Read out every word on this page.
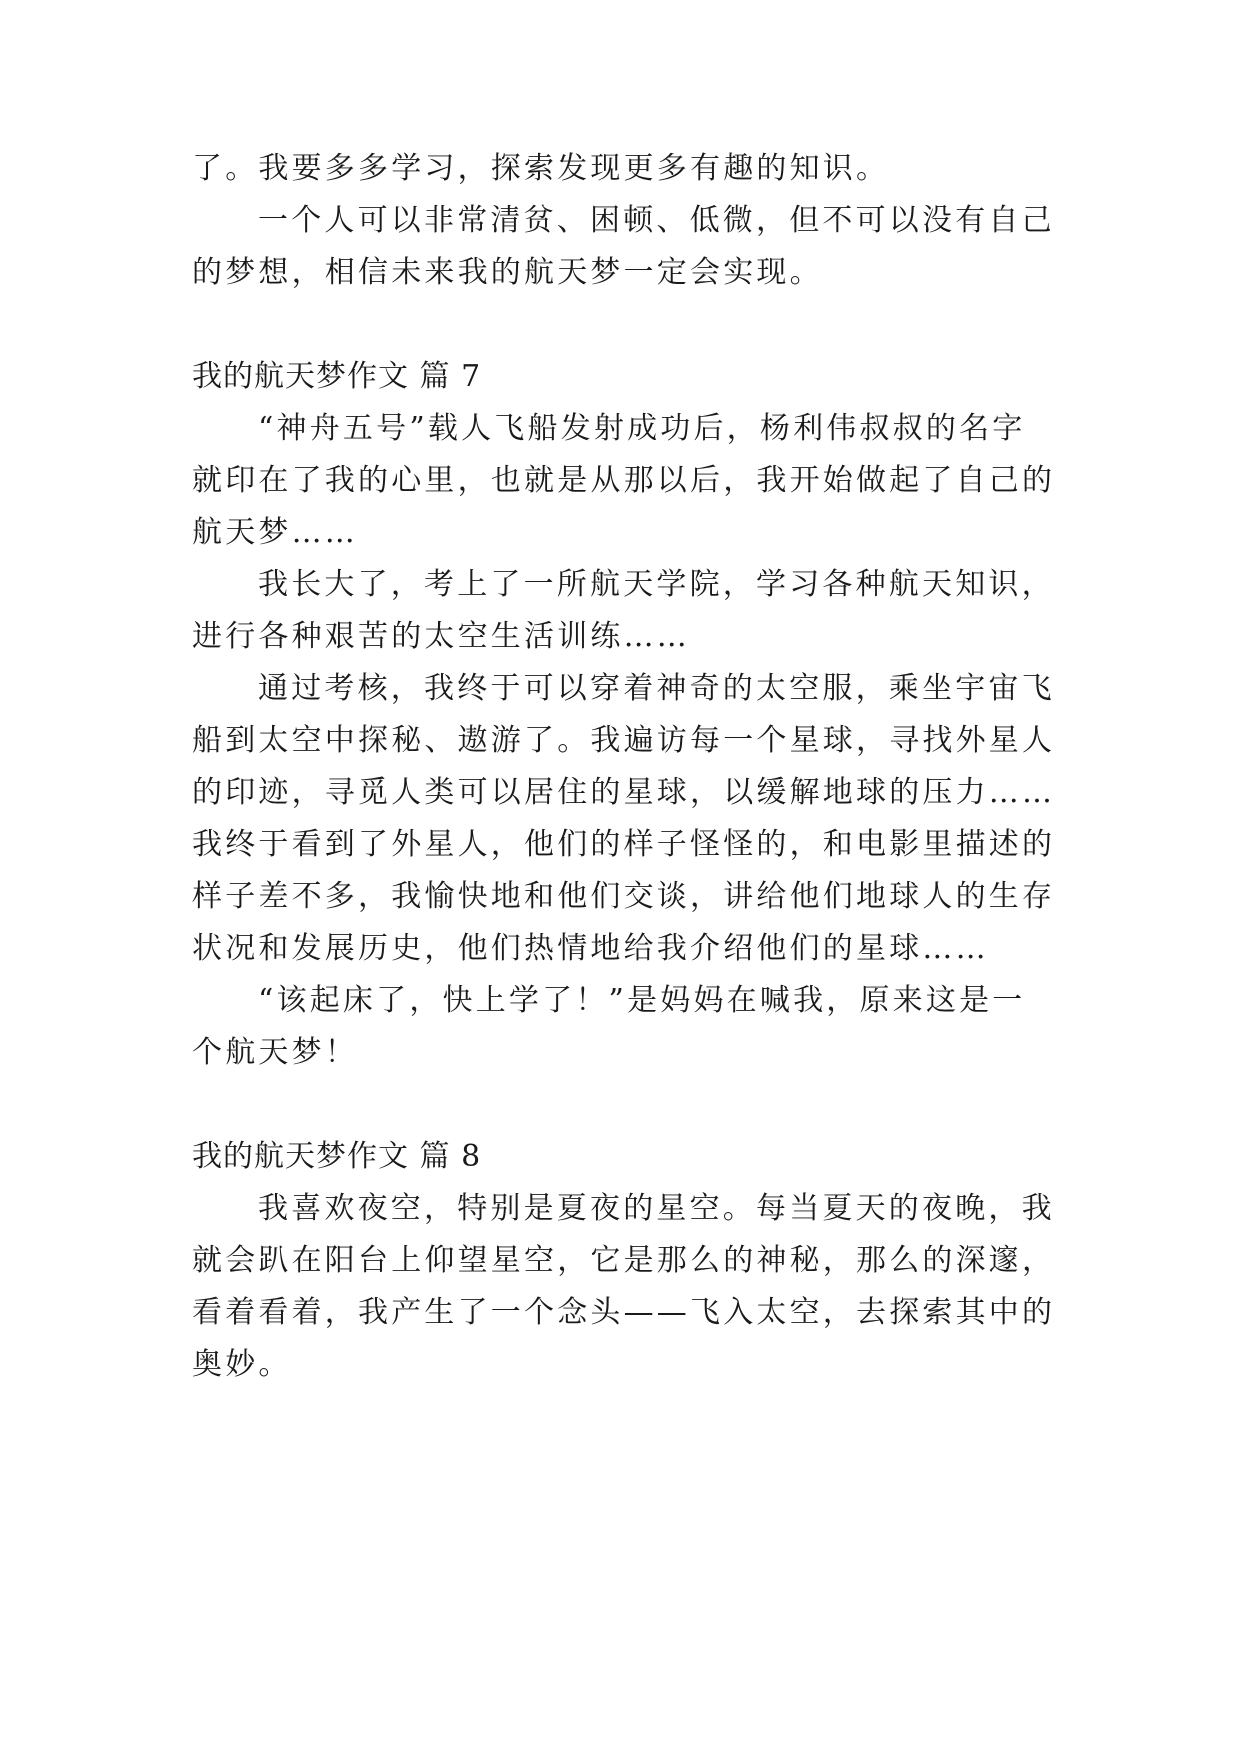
了。我要多多学习，探索发现更多有趣的知识。
一个人可以非常清贫、困顿、低微，但不可以没有自己
的梦想，相信未来我的航天梦一定会实现。
我的航天梦作文 篇 7
“神舟五号”载人飞船发射成功后，杨利伟叔叔的名字
就印在了我的心里，也就是从那以后，我开始做起了自己的
航天梦……
我长大了，考上了一所航天学院，学习各种航天知识，
进行各种艰苦的太空生活训练……
通过考核，我终于可以穿着神奇的太空服，乘坐宇宙飞
船到太空中探秘、遨游了。我遍访每一个星球，寻找外星人
的印迹，寻觅人类可以居住的星球，以缓解地球的压力……
我终于看到了外星人，他们的样子怪怪的，和电影里描述的
样子差不多，我愉快地和他们交谈，讲给他们地球人的生存
状况和发展历史，他们热情地给我介绍他们的星球……
“该起床了，快上学了！”是妈妈在喊我，原来这是一
个航天梦！
我的航天梦作文 篇 8
我喜欢夜空，特别是夏夜的星空。每当夏天的夜晚，我
就会趴在阳台上仰望星空，它是那么的神秘，那么的深邃，
看着看着，我产生了一个念头——飞入太空，去探索其中的
奥妙。
